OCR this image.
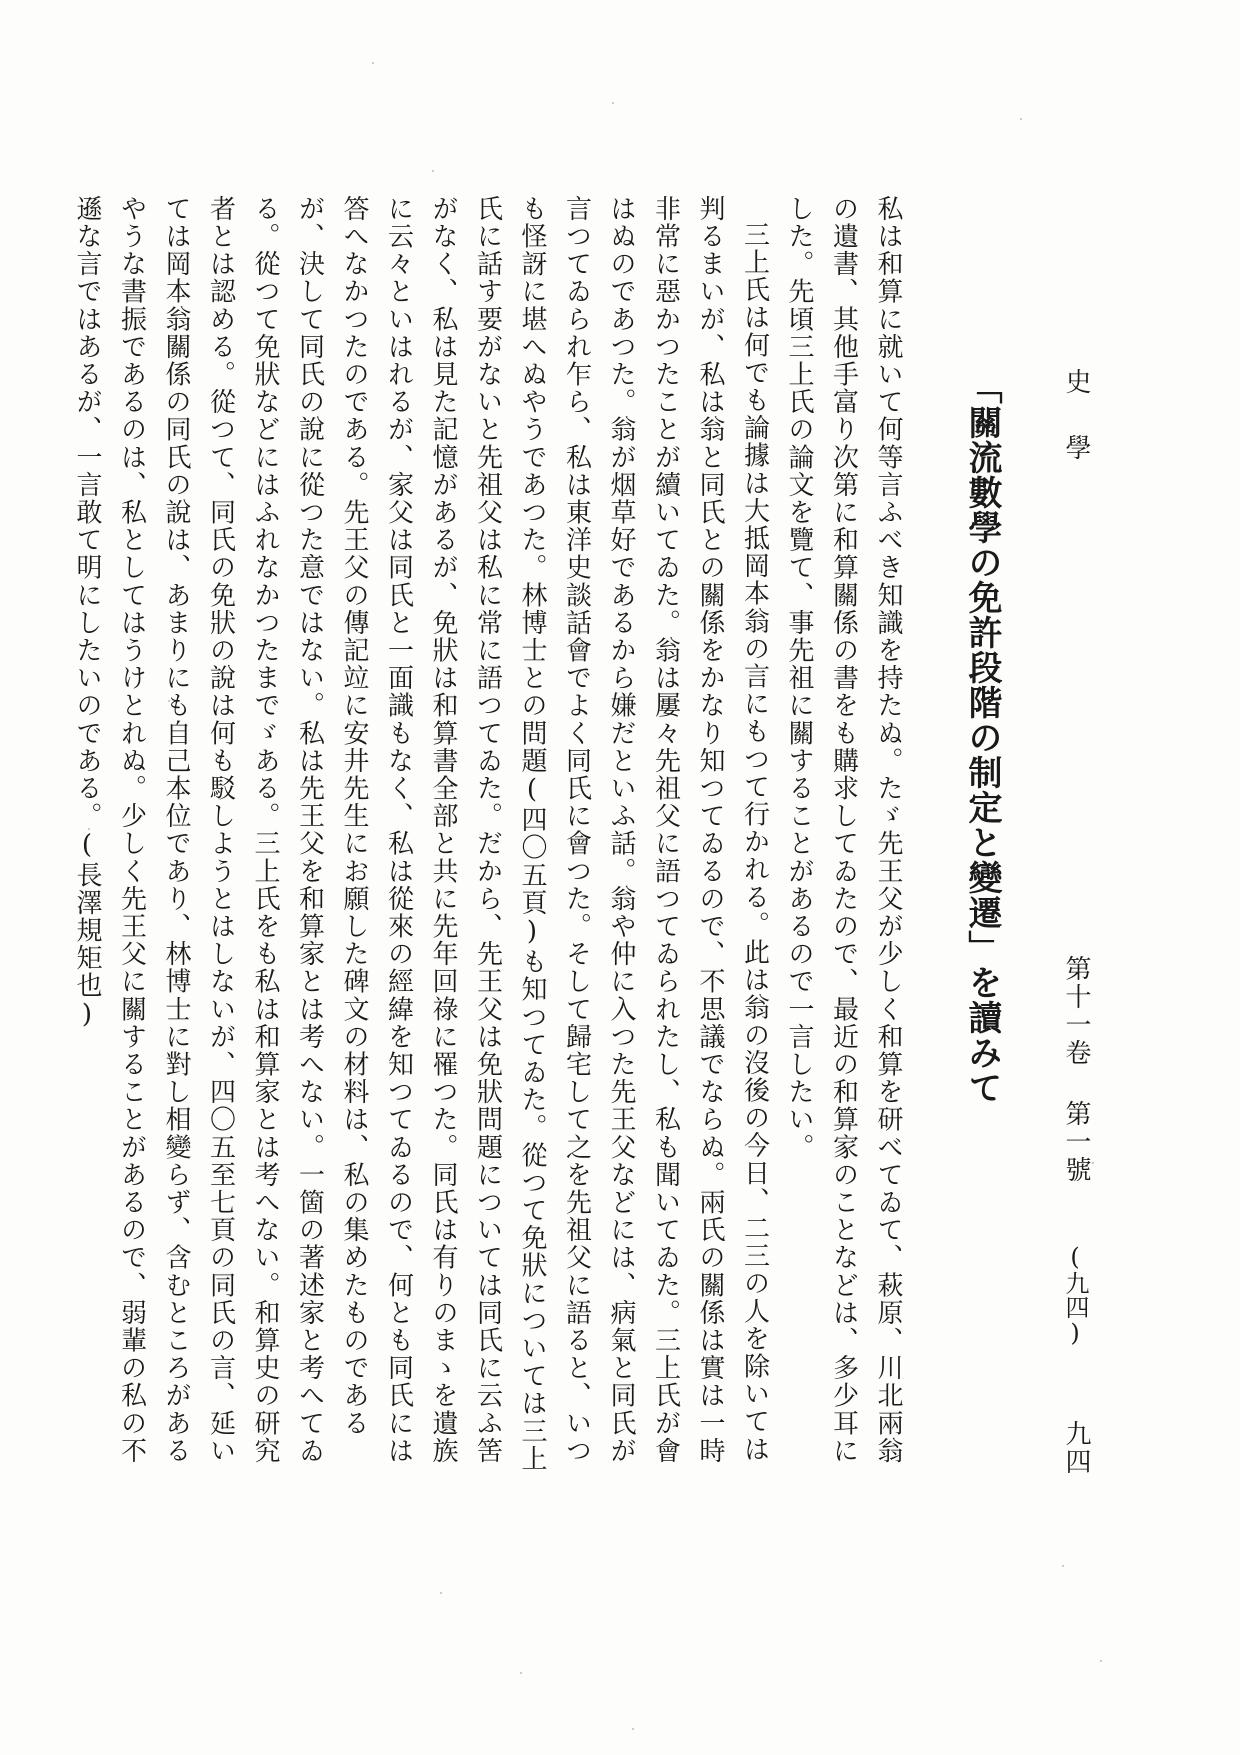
史學
第十一卷
第一號
(九四)
九四
「關流數學の免許段階の制定と變遷」を讀みて

私は和算に就いて何等言ふべき知識を持たぬ。たゞ先王父が少しく和算を研べてゐて、萩原、川北兩翁の遺書、其他手富り次第に和算關係の書をも購求してゐたので、最近の和算家のことなどは、多少耳にした。先頃三上氏の論文を覽て、事先祖に關することがあるので一言したい。

三上氏は何でも論據は大抵岡本翁の言にもつて行かれる。此は翁の沒後の今日、二三の人を除いては判るまいが、私は翁と同氏との關係をかなり知つてゐるので、不思議でならぬ。兩氏の關係は實は一時非常に惡かつたことが續いてゐた。翁は屢々先祖父に語つてゐられたし、私も聞いてゐた。三上氏が會はぬのであつた。翁が烟草好であるから嫌だといふ話。翁や仲に入つた先王父などには、病氣と同氏が言つてゐられ乍ら、私は東洋史談話會でよく同氏に會つた。そして歸宅して之を先祖父に語ると、いつも怪訝に堪へぬやうであつた。林博士との問題(四〇五頁)も知つてゐた。從つて免狀については三上氏に話す要がないと先祖父は私に常に語つてゐた。だから、先王父は免狀問題については同氏に云ふ筈がなく、私は見た記憶があるが、免狀は和算書全部と共に先年回祿に罹つた。同氏は有りのまゝを遺族に云々といはれるが、家父は同氏と一面識もなく、私は從來の經緯を知つてゐるので、何とも同氏には答へなかつたのである。先王父の傳記竝に安井先生にお願した碑文の材料は、私の集めたものであるが、決して同氏の說に從つた意ではない。私は先王父を和算家とは考へない。一箇の著述家と考へてゐる。從つて免狀などにはふれなかつたまでゞある。三上氏をも私は和算家とは考へない。和算史の研究者とは認める。從つて、同氏の免狀の說は何も駁しようとはしないが、四〇五至七頁の同氏の言、延いては岡本翁關係の同氏の說は、あまりにも自己本位であり、林博士に對し相變らず、含むところがあるやうな書振であるのは、私としてはうけとれぬ。少しく先王父に關することがあるので、弱輩の私の不遜な言ではあるが、一言敢て明にしたいのである。(長澤規矩也)
